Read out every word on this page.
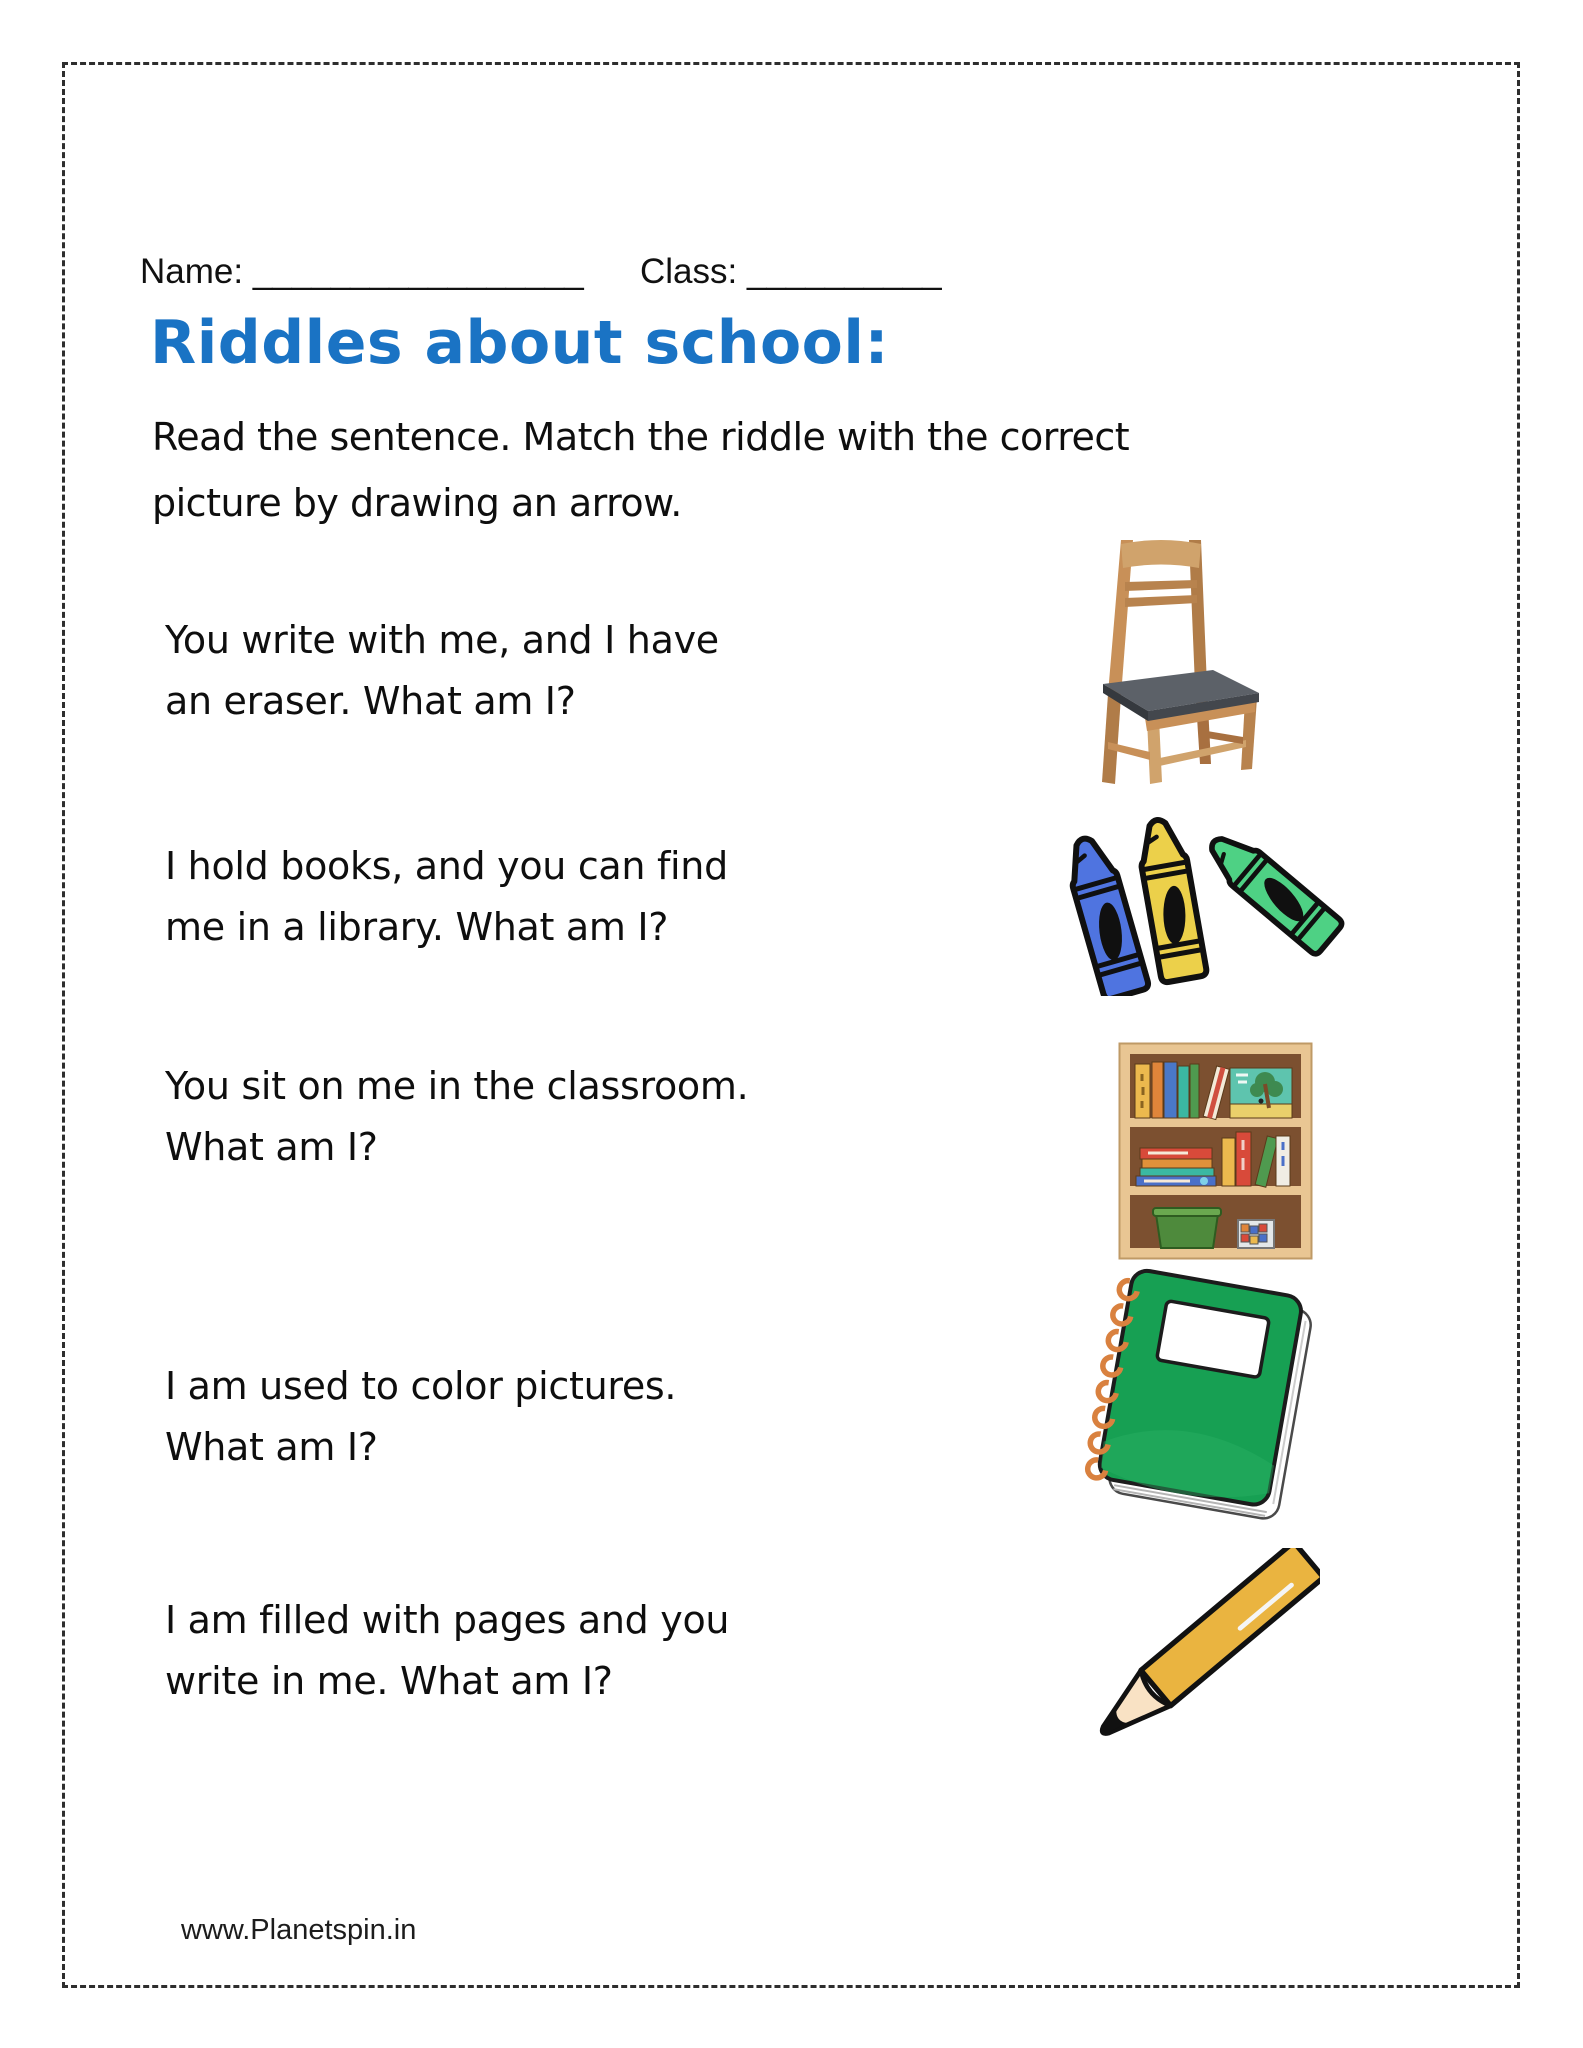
Name: _________________ Class: __________
Riddles about school:
Read the sentence. Match the riddle with the correct
picture by drawing an arrow.
You write with me, and I have
an eraser. What am I?
I hold books, and you can find
me in a library. What am I?
You sit on me in the classroom.
What am I?
I am used to color pictures.
What am I?
I am filled with pages and you
write in me. What am I?
www.Planetspin.in
